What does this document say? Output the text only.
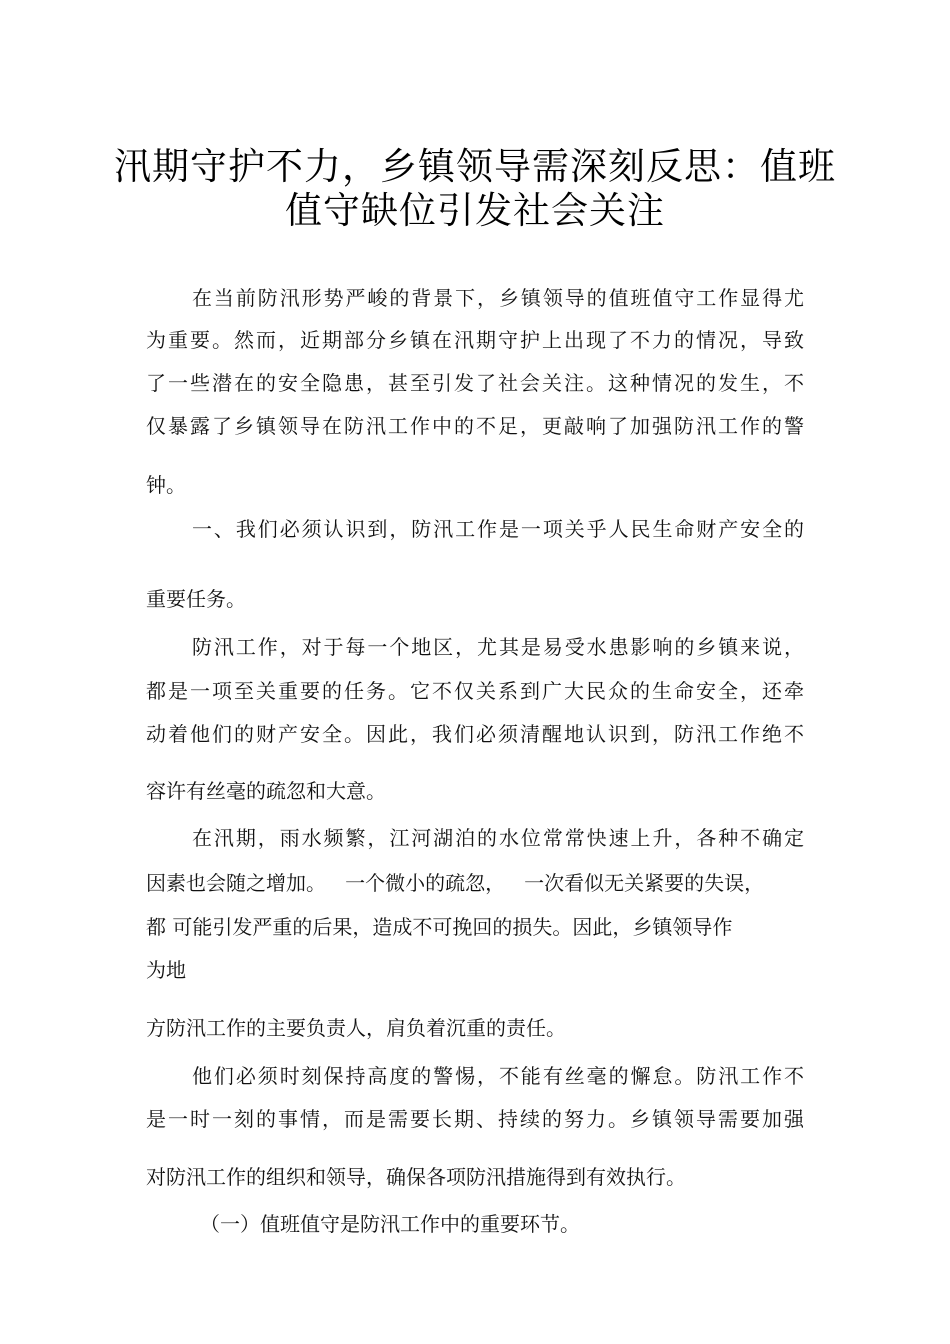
汛期守护不力，乡镇领导需深刻反思：值班
值守缺位引发社会关注
在当前防汛形势严峻的背景下，乡镇领导的值班值守工作显得尤
为重要。然而，近期部分乡镇在汛期守护上出现了不力的情况，导致
了一些潜在的安全隐患，甚至引发了社会关注。这种情况的发生，不
仅暴露了乡镇领导在防汛工作中的不足，更敲响了加强防汛工作的警
钟。
一、我们必须认识到，防汛工作是一项关乎人民生命财产安全的
重要任务。
防汛工作，对于每一个地区，尤其是易受水患影响的乡镇来说，
都是一项至关重要的任务。它不仅关系到广大民众的生命安全，还牵
动着他们的财产安全。因此，我们必须清醒地认识到，防汛工作绝不
容许有丝毫的疏忽和大意。
在汛期，雨水频繁，江河湖泊的水位常常快速上升，各种不确定
因素也会随之增加。   一个微小的疏忽，   一次看似无关紧要的失误，
都 可能引发严重的后果，造成不可挽回的损失。因此，乡镇领导作
为地
方防汛工作的主要负责人，肩负着沉重的责任。
他们必须时刻保持高度的警惕，不能有丝毫的懈怠。防汛工作不
是一时一刻的事情，而是需要长期、持续的努力。乡镇领导需要加强
对防汛工作的组织和领导，确保各项防汛措施得到有效执行。
（一）值班值守是防汛工作中的重要环节。
